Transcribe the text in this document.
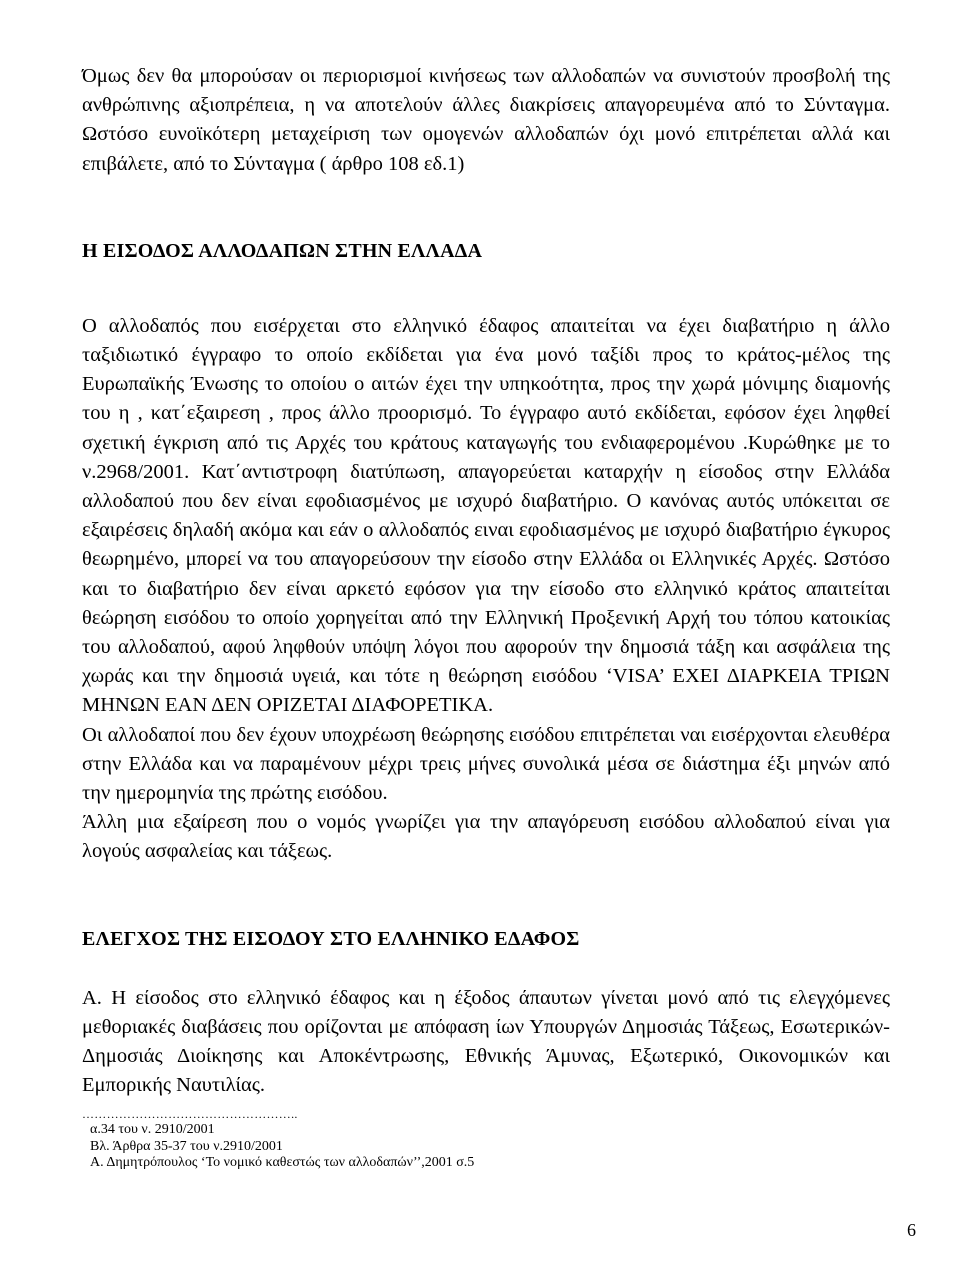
Όμως δεν θα μπορούσαν οι περιορισμοί κινήσεως των αλλοδαπών να συνιστούν προσβολή της ανθρώπινης αξιοπρέπεια, η να αποτελούν άλλες διακρίσεις απαγορευμένα από το Σύνταγμα. Ωστόσο ευνοϊκότερη μεταχείριση των ομογενών αλλοδαπών όχι μονό επιτρέπεται αλλά και επιβάλετε, από το Σύνταγμα ( άρθρο 108 εδ.1)

Η ΕΙΣΟΔΟΣ ΑΛΛΟΔΑΠΩΝ ΣΤΗΝ ΕΛΛΑΔΑ

Ο αλλοδαπός που εισέρχεται στο ελληνικό έδαφος απαιτείται να έχει διαβατήριο η άλλο ταξιδιωτικό έγγραφο το οποίο εκδίδεται για ένα μονό ταξίδι προς το κράτος-μέλος της Ευρωπαϊκής Ένωσης το οποίου ο αιτών έχει την υπηκοότητα, προς την χωρά μόνιμης διαμονής του η , κατ΄εξαιρεση , προς άλλο προορισμό. Το έγγραφο αυτό εκδίδεται, εφόσον έχει ληφθεί σχετική έγκριση από τις Αρχές του κράτους καταγωγής του ενδιαφερομένου .Κυρώθηκε με το ν.2968/2001. Κατ΄αντιστροφη διατύπωση, απαγορεύεται καταρχήν η είσοδος στην Ελλάδα αλλοδαπού που δεν είναι εφοδιασμένος με ισχυρό διαβατήριο. Ο κανόνας αυτός υπόκειται σε εξαιρέσεις δηλαδή ακόμα και εάν ο αλλοδαπός ειναι εφοδιασμένος με ισχυρό διαβατήριο έγκυρος θεωρημένο, μπορεί να του απαγορεύσουν την είσοδο στην Ελλάδα οι Ελληνικές Αρχές. Ωστόσο και το διαβατήριο δεν είναι αρκετό εφόσον για την είσοδο στο ελληνικό κράτος απαιτείται θεώρηση εισόδου το οποίο χορηγείται από την Ελληνική Προξενική Αρχή του τόπου κατοικίας του αλλοδαπού, αφού ληφθούν υπόψη λόγοι που αφορούν την δημοσιά τάξη και ασφάλεια της χωράς και την δημοσιά υγειά, και τότε η θεώρηση εισόδου ‘VISA’ ΕΧΕΙ ΔΙΑΡΚΕΙΑ ΤΡΙΩΝ ΜΗΝΩΝ ΕΑΝ ΔΕΝ ΟΡΙΖΕΤΑΙ ΔΙΑΦΟΡΕΤΙΚΑ.

Οι αλλοδαποί που δεν έχουν υποχρέωση θεώρησης εισόδου επιτρέπεται ναι εισέρχονται ελευθέρα στην Ελλάδα και να παραμένουν μέχρι τρεις μήνες συνολικά μέσα σε διάστημα έξι μηνών από την ημερομηνία της πρώτης εισόδου.

Άλλη μια εξαίρεση που ο νομός γνωρίζει για την απαγόρευση εισόδου αλλοδαπού είναι για λογούς ασφαλείας και τάξεως.

ΕΛΕΓΧΟΣ ΤΗΣ ΕΙΣΟΔΟΥ ΣΤΟ ΕΛΛΗΝΙΚΟ ΕΔΑΦΟΣ

Α. Η είσοδος στο ελληνικό έδαφος και η έξοδος άπαυτων γίνεται μονό από τις ελεγχόμενες μεθοριακές διαβάσεις που ορίζονται με απόφαση ίων Υπουργών Δημοσιάς Τάξεως, Εσωτερικών-Δημοσιάς Διοίκησης και Αποκέντρωσης, Εθνικής Άμυνας, Εξωτερικό, Οικονομικών και Εμπορικής Ναυτιλίας.

……………………………………………..

α.34 του ν. 2910/2001

Βλ. Άρθρα 35-37 του ν.2910/2001

Α. Δημητρόπουλος ‘Το νομικό καθεστώς των αλλοδαπών’’,2001 σ.5

6
